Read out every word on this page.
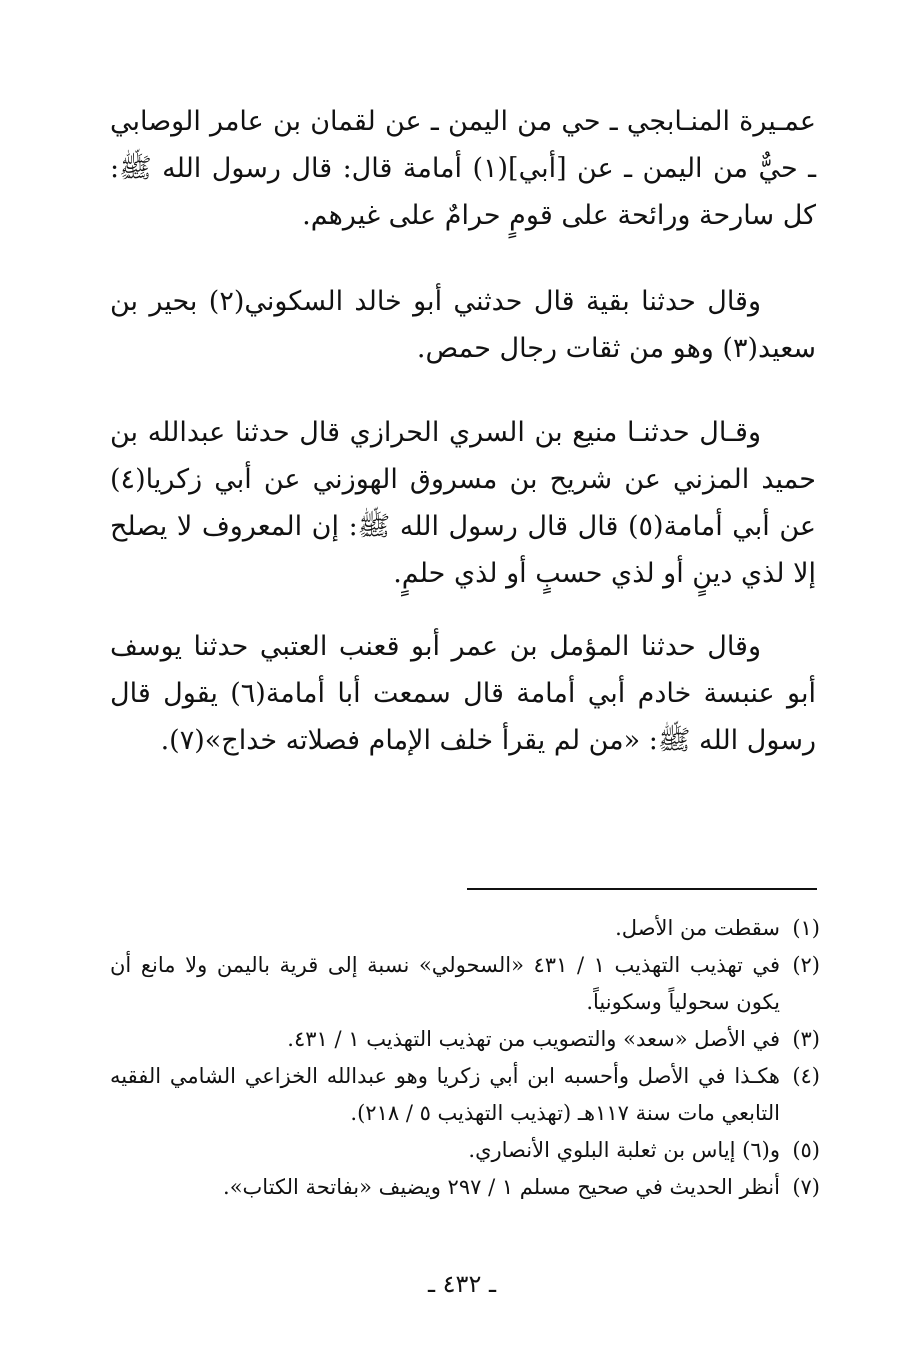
عمـيرة المنـابجي ـ حي من اليمن ـ عن لقمان بن عامر الوصابي ـ حيٌّ من اليمن ـ عن [أبي](١) أمامة قال: قال رسول الله ﷺ: كل سارحة ورائحة على قومٍ حرامٌ على غيرهم.

وقال حدثنا بقية قال حدثني أبو خالد السكوني(٢) بحير بن سعيد(٣) وهو من ثقات رجال حمص.

وقـال حدثنـا منيع بن السري الحرازي قال حدثنا عبدالله بن حميد المزني عن شريح بن مسروق الهوزني عن أبي زكريا(٤) عن أبي أمامة(٥) قال قال رسول الله ﷺ: إن المعروف لا يصلح إلا لذي دينٍ أو لذي حسبٍ أو لذي حلمٍ.

وقال حدثنا المؤمل بن عمر أبو قعنب العتبي حدثنا يوسف أبو عنبسة خادم أبي أمامة قال سمعت أبا أمامة(٦) يقول قال رسول الله ﷺ: «من لم يقرأ خلف الإمام فصلاته خداج»(٧).

(١)
سقطت من الأصل.
(٢)
في تهذيب التهذيب ١ / ٤٣١ «السحولي» نسبة إلى قرية باليمن ولا مانع أن يكون سحولياً وسكونياً.
(٣)
في الأصل «سعد» والتصويب من تهذيب التهذيب ١ / ٤٣١.
(٤)
هكـذا في الأصل وأحسبه ابن أبي زكريا وهو عبدالله الخزاعي الشامي الفقيه التابعي مات سنة ١١٧هـ (تهذيب التهذيب ٥ / ٢١٨).
(٥)
و(٦) إياس بن ثعلبة البلوي الأنصاري.
(٧)
أنظر الحديث في صحيح مسلم ١ / ٢٩٧ ويضيف «بفاتحة الكتاب».
ـ ٤٣٢ ـ
